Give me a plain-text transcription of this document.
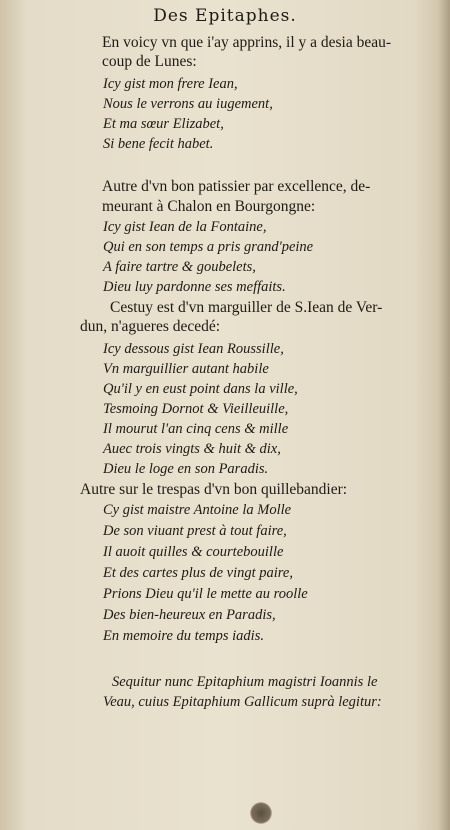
Des Epitaphes.
En voicy vn que i'ay apprins, il y a desia beau-
coup de Lunes:
Icy gist mon frere Iean,
Nous le verrons au iugement,
Et ma sœur Elizabet,
Si bene fecit habet.
Autre d'vn bon patissier par excellence, de-
meurant à Chalon en Bourgongne:
Icy gist Iean de la Fontaine,
Qui en son temps a pris grand'peine
A faire tartre & goubelets,
Dieu luy pardonne ses meffaits.
Cestuy est d'vn marguiller de S.Iean de Ver-
dun, n'agueres decedé:
Icy dessous gist Iean Roussille,
Vn marguillier autant habile
Qu'il y en eust point dans la ville,
Tesmoing Dornot & Vieilleuille,
Il mourut l'an cinq cens & mille
Auec trois vingts & huit & dix,
Dieu le loge en son Paradis.
Autre sur le trespas d'vn bon quillebandier:
Cy gist maistre Antoine la Molle
De son viuant prest à tout faire,
Il auoit quilles & courtebouille
Et des cartes plus de vingt paire,
Prions Dieu qu'il le mette au roolle
Des bien-heureux en Paradis,
En memoire du temps iadis.
Sequitur nunc Epitaphium magistri Ioannis le
Veau, cuius Epitaphium Gallicum suprà legitur:
